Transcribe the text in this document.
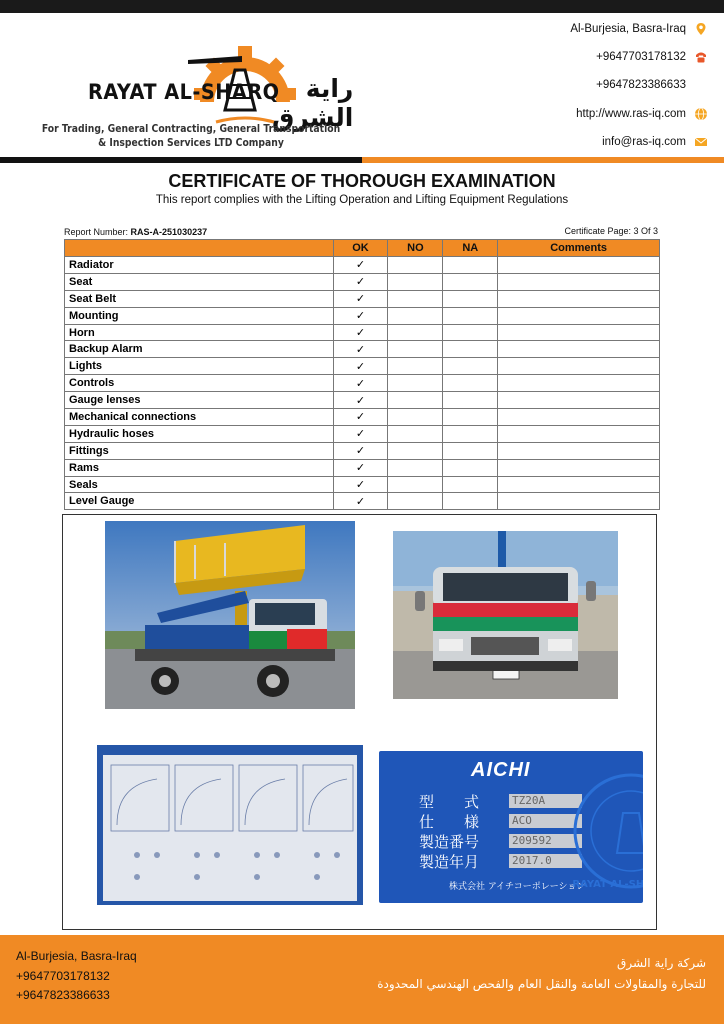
RAYAT AL-SHARQ	راية الشرق
For Trading, General Contracting, General Transportation
& Inspection Services LTD Company
Al-Burjesia, Basra-Iraq
+9647703178132
+9647823386633
http://www.ras-iq.com
info@ras-iq.com
CERTIFICATE OF THOROUGH EXAMINATION
This report complies with the Lifting Operation and Lifting Equipment Regulations
Report Number: RAS-A-251030237	Certificate Page: 3 Of 3
	OK	NO	NA	Comments
Radiator	✓			
Seat	✓			
Seat Belt	✓			
Mounting	✓			
Horn	✓			
Backup Alarm	✓			
Lights	✓			
Controls	✓			
Gauge lenses	✓			
Mechanical connections	✓			
Hydraulic hoses	✓			
Fittings	✓			
Rams	✓			
Seals	✓			
Level Gauge	✓			
AICHI
型　　式	TZ20A
仕　　様	ACO
製造番号	209592
製造年月	2017.0
株式会社 アイチコーポレーション
RAYAT AL-SHARQ Co.
Al-Burjesia, Basra-Iraq
+9647703178132
+9647823386633
شركة راية الشرق
للتجارة والمقاولات العامة والنقل العام والفحص الهندسي المحدودة
